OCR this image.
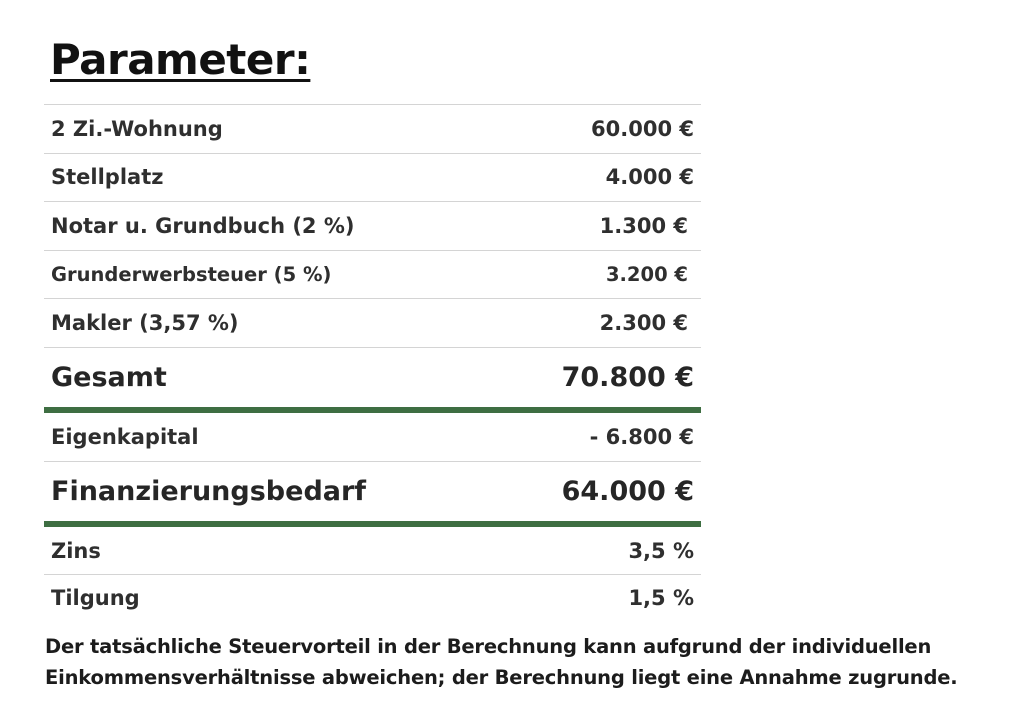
Parameter:
2 Zi.-Wohnung	60.000 €
Stellplatz	4.000 €
Notar u. Grundbuch (2 %)	1.300 €
Grunderwerbsteuer (5 %)	3.200 €
Makler (3,57 %)	2.300 €
Gesamt	70.800 €
Eigenkapital	- 6.800 €
Finanzierungsbedarf	64.000 €
Zins	3,5 %
Tilgung	1,5 %

Der tatsächliche Steuervorteil in der Berechnung kann aufgrund der individuellen Einkommensverhältnisse abweichen; der Berechnung liegt eine Annahme zugrunde.
